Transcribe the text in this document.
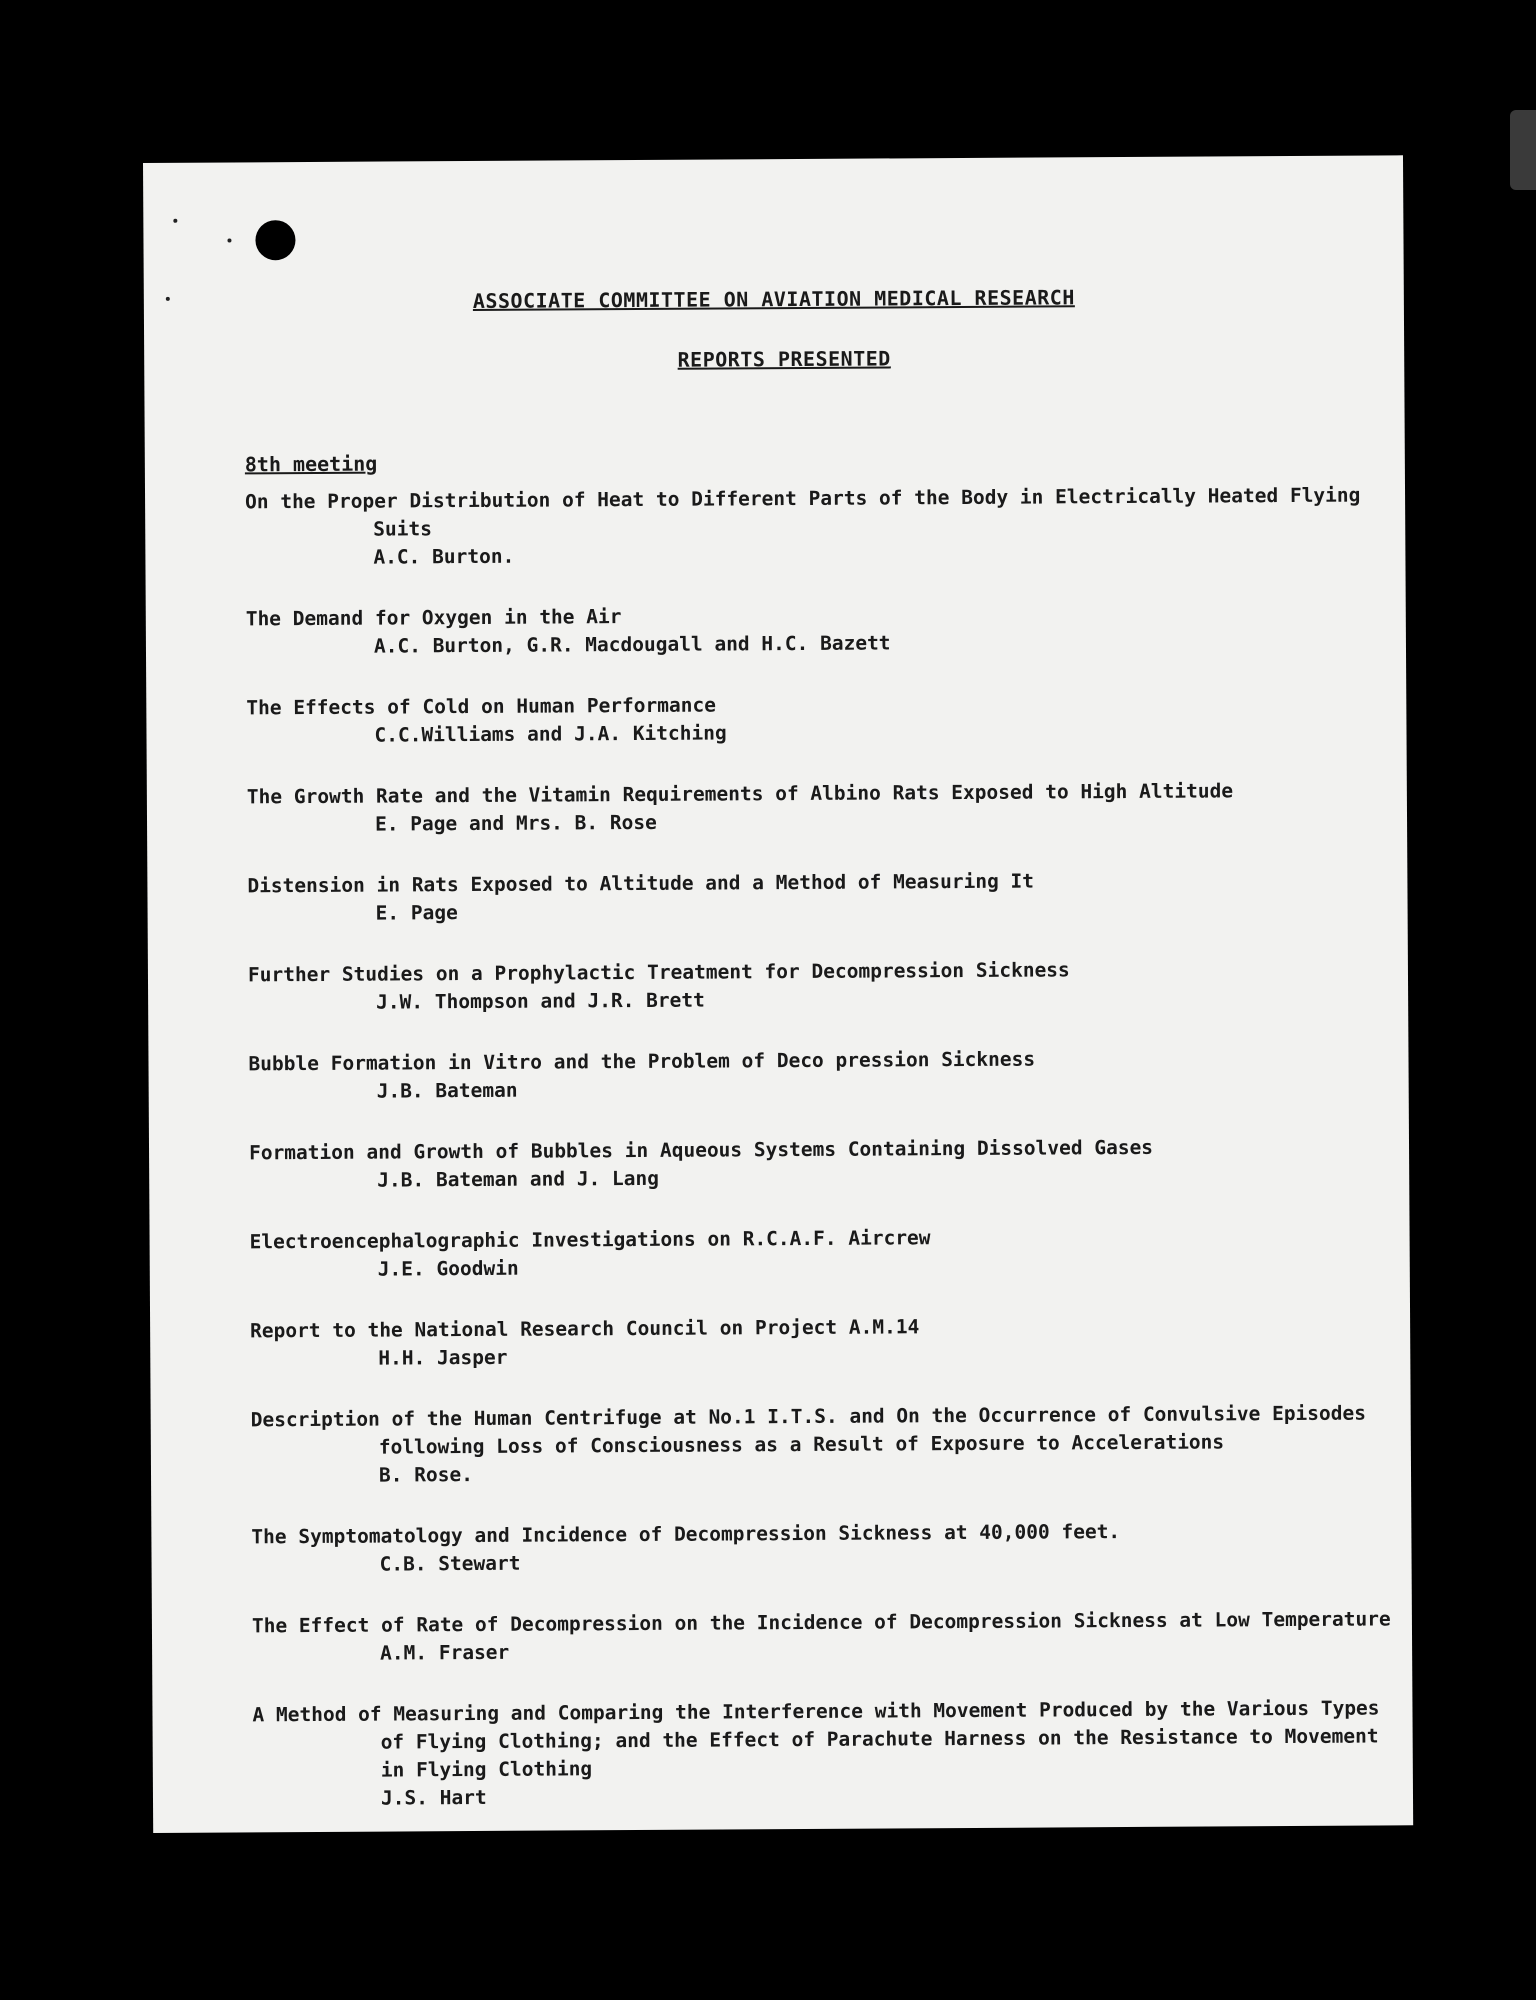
ASSOCIATE COMMITTEE ON AVIATION MEDICAL RESEARCH
REPORTS PRESENTED
8th meeting
On the Proper Distribution of Heat to Different Parts of the Body in Electrically Heated Flying Suits
A.C. Burton.
The Demand for Oxygen in the Air
A.C. Burton, G.R. Macdougall and H.C. Bazett
The Effects of Cold on Human Performance
C.C.Williams and J.A. Kitching
The Growth Rate and the Vitamin Requirements of Albino Rats Exposed to High Altitude
E. Page and Mrs. B. Rose
Distension in Rats Exposed to Altitude and a Method of Measuring It
E. Page
Further Studies on a Prophylactic Treatment for Decompression Sickness
J.W. Thompson and J.R. Brett
Bubble Formation in Vitro and the Problem of Deco pression Sickness
J.B. Bateman
Formation and Growth of Bubbles in Aqueous Systems Containing Dissolved Gases
J.B. Bateman and J. Lang
Electroencephalographic Investigations on R.C.A.F. Aircrew
J.E. Goodwin
Report to the National Research Council on Project A.M.14
H.H. Jasper
Description of the Human Centrifuge at No.1 I.T.S. and On the Occurrence of Convulsive Episodes following Loss of Consciousness as a Result of Exposure to Accelerations
B. Rose.
The Symptomatology and Incidence of Decompression Sickness at 40,000 feet.
C.B. Stewart
The Effect of Rate of Decompression on the Incidence of Decompression Sickness at Low Temperature
A.M. Fraser
A Method of Measuring and Comparing the Interference with Movement Produced by the Various Types of Flying Clothing; and the Effect of Parachute Harness on the Resistance to Movement in Flying Clothing
J.S. Hart
